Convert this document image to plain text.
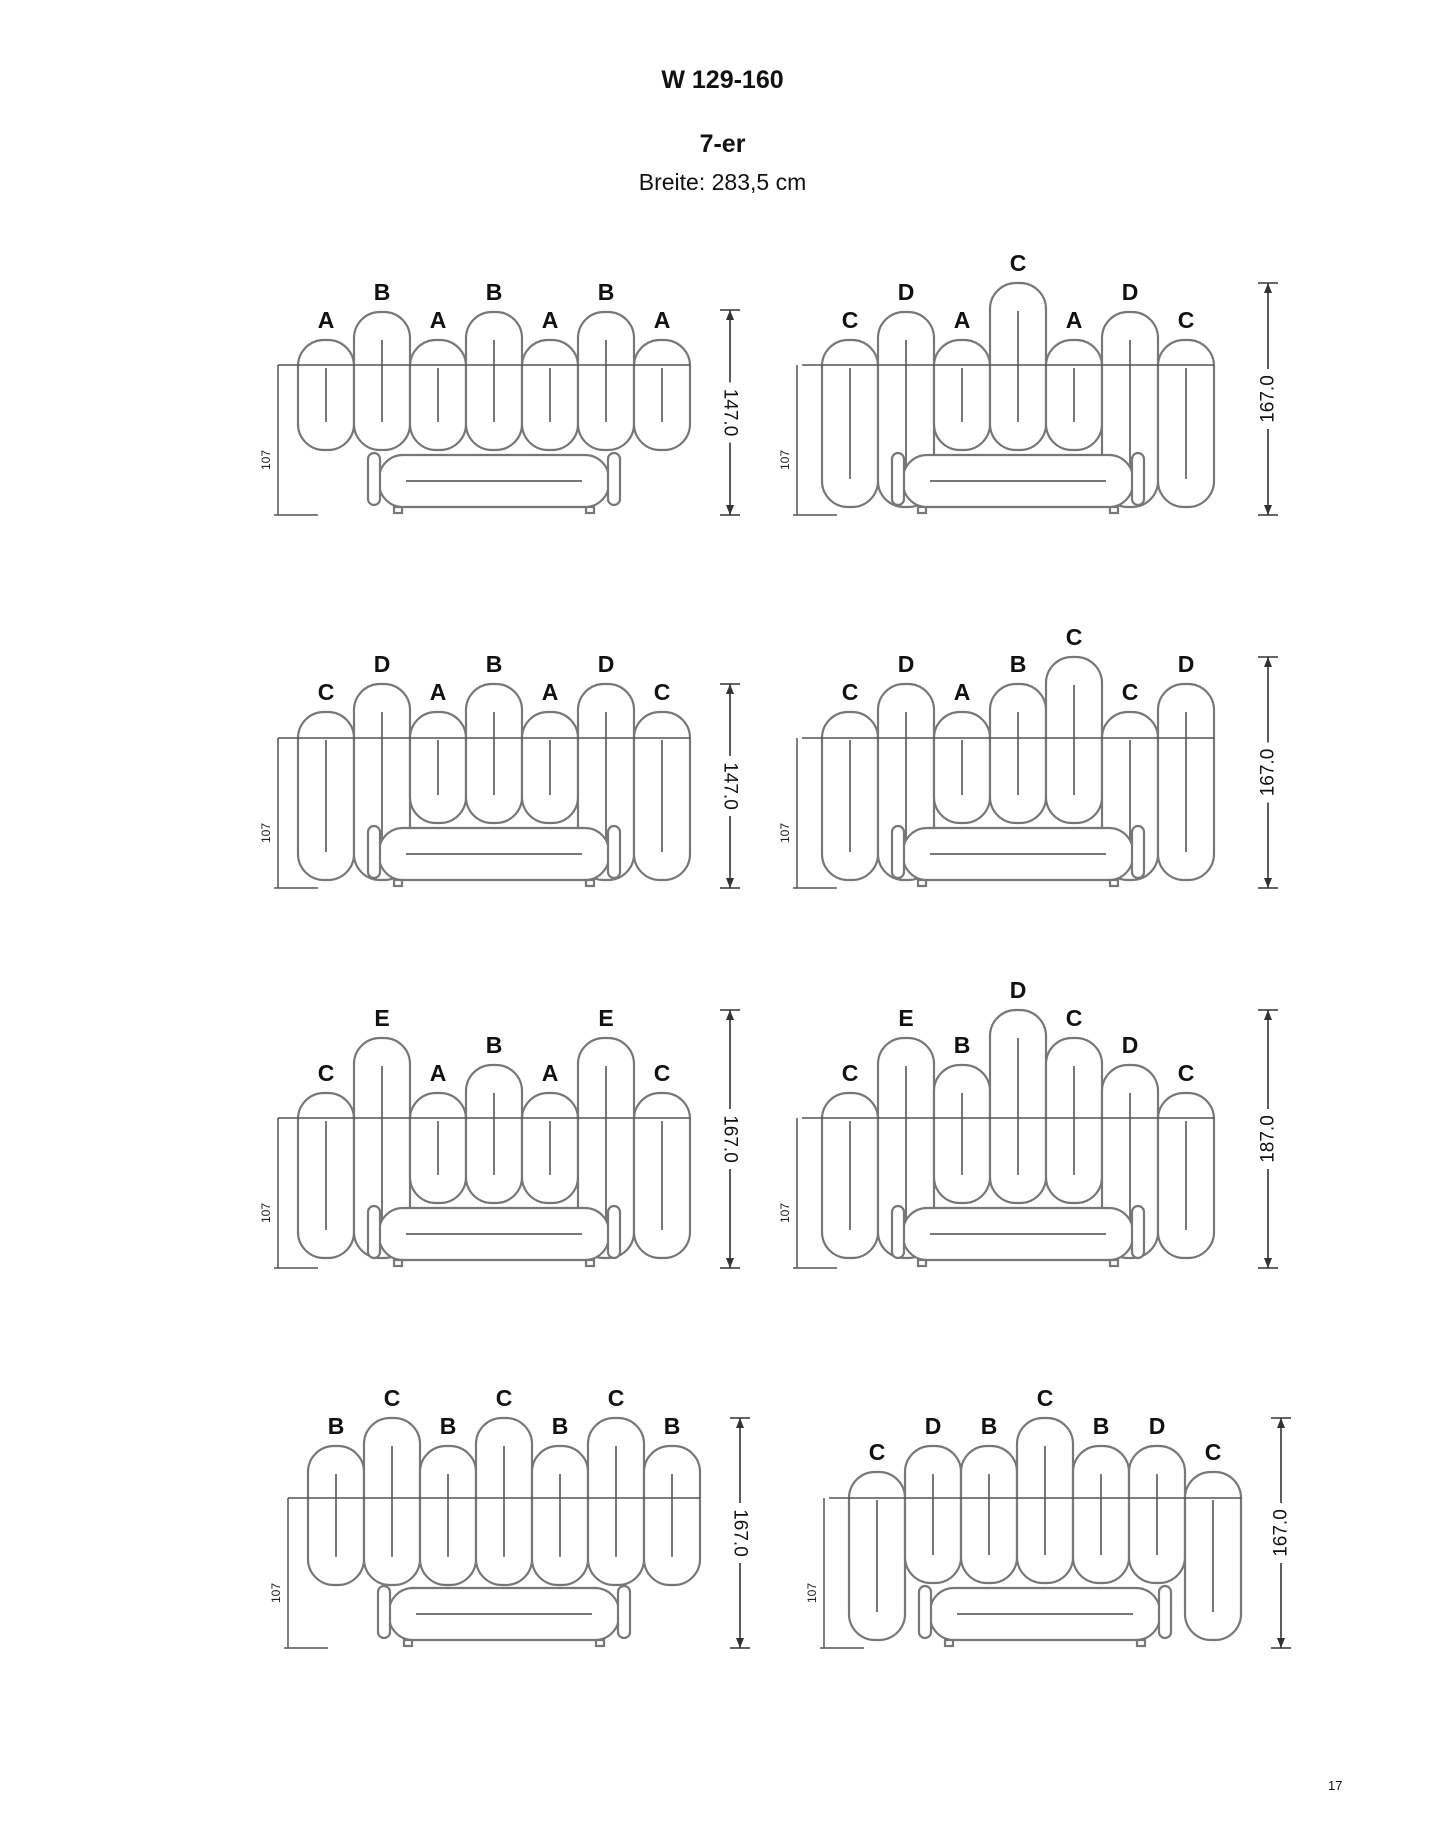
W 129-160
7-er
Breite: 283,5 cm
17
A
B
A
B
A
B
A
107
147.0
C
D
A
C
A
D
C
107
167.0
C
D
A
B
A
D
C
107
147.0
C
D
A
B
C
C
D
107
167.0
C
E
A
B
A
E
C
107
167.0
C
E
B
D
C
D
C
107
187.0
B
C
B
C
B
C
B
107
167.0
C
D B
C
B D
C
107
167.0
